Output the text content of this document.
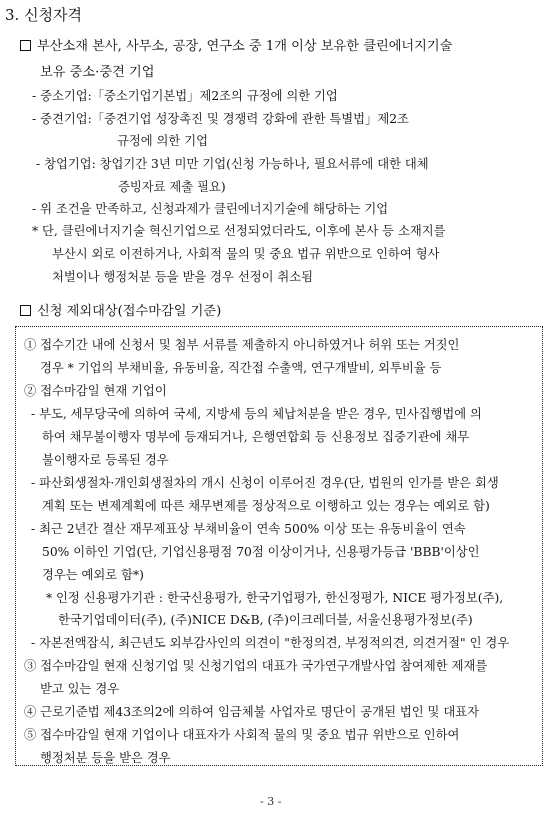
3. 신청자격
부산소재 본사, 사무소, 공장, 연구소 중 1개 이상 보유한 클린에너지기술
보유 중소·중견 기업
- 중소기업:「중소기업기본법」제2조의 규정에 의한 기업
- 중견기업:「중견기업 성장촉진 및 경쟁력 강화에 관한 특별법」제2조
규정에 의한 기업
- 창업기업: 창업기간 3년 미만 기업(신청 가능하나, 필요서류에 대한 대체
증빙자료 제출 필요)
- 위 조건을 만족하고, 신청과제가 클린에너지기술에 해당하는 기업
* 단, 클린에너지기술 혁신기업으로 선정되었더라도, 이후에 본사 등 소재지를
부산시 외로 이전하거나, 사회적 물의 및 중요 법규 위반으로 인하여 형사
처벌이나 행정처분 등을 받을 경우 선정이 취소됨
신청 제외대상(접수마감일 기준)
① 접수기간 내에 신청서 및 첨부 서류를 제출하지 아니하였거나 허위 또는 거짓인
경우 * 기업의 부채비율, 유동비율, 직간접 수출액, 연구개발비, 외투비율 등
② 접수마감일 현재 기업이
- 부도, 세무당국에 의하여 국세, 지방세 등의 체납처분을 받은 경우, 민사집행법에 의
하여 채무불이행자 명부에 등재되거나, 은행연합회 등 신용정보 집중기관에 채무
불이행자로 등록된 경우
- 파산회생절차·개인회생절차의 개시 신청이 이루어진 경우(단, 법원의 인가를 받은 회생
계획 또는 변제계획에 따른 채무변제를 정상적으로 이행하고 있는 경우는 예외로 함)
- 최근 2년간 결산 재무제표상 부채비율이 연속 500% 이상 또는 유동비율이 연속
50% 이하인 기업(단, 기업신용평점 70점 이상이거나, 신용평가등급 'BBB'이상인
경우는 예외로 함*)
* 인정 신용평가기관 : 한국신용평가, 한국기업평가, 한신정평가, NICE 평가정보(주),
한국기업데이터(주), (주)NICE D&B, (주)이크레더블, 서울신용평가정보(주)
- 자본전액잠식, 최근년도 외부감사인의 의견이 "한정의견, 부정적의견, 의견거절" 인 경우
③ 접수마감일 현재 신청기업 및 신청기업의 대표가 국가연구개발사업 참여제한 제재를
받고 있는 경우
④ 근로기준법 제43조의2에 의하여 임금체불 사업자로 명단이 공개된 법인 및 대표자
⑤ 접수마감일 현재 기업이나 대표자가 사회적 물의 및 중요 법규 위반으로 인하여
행정처분 등을 받은 경우
- 3 -
